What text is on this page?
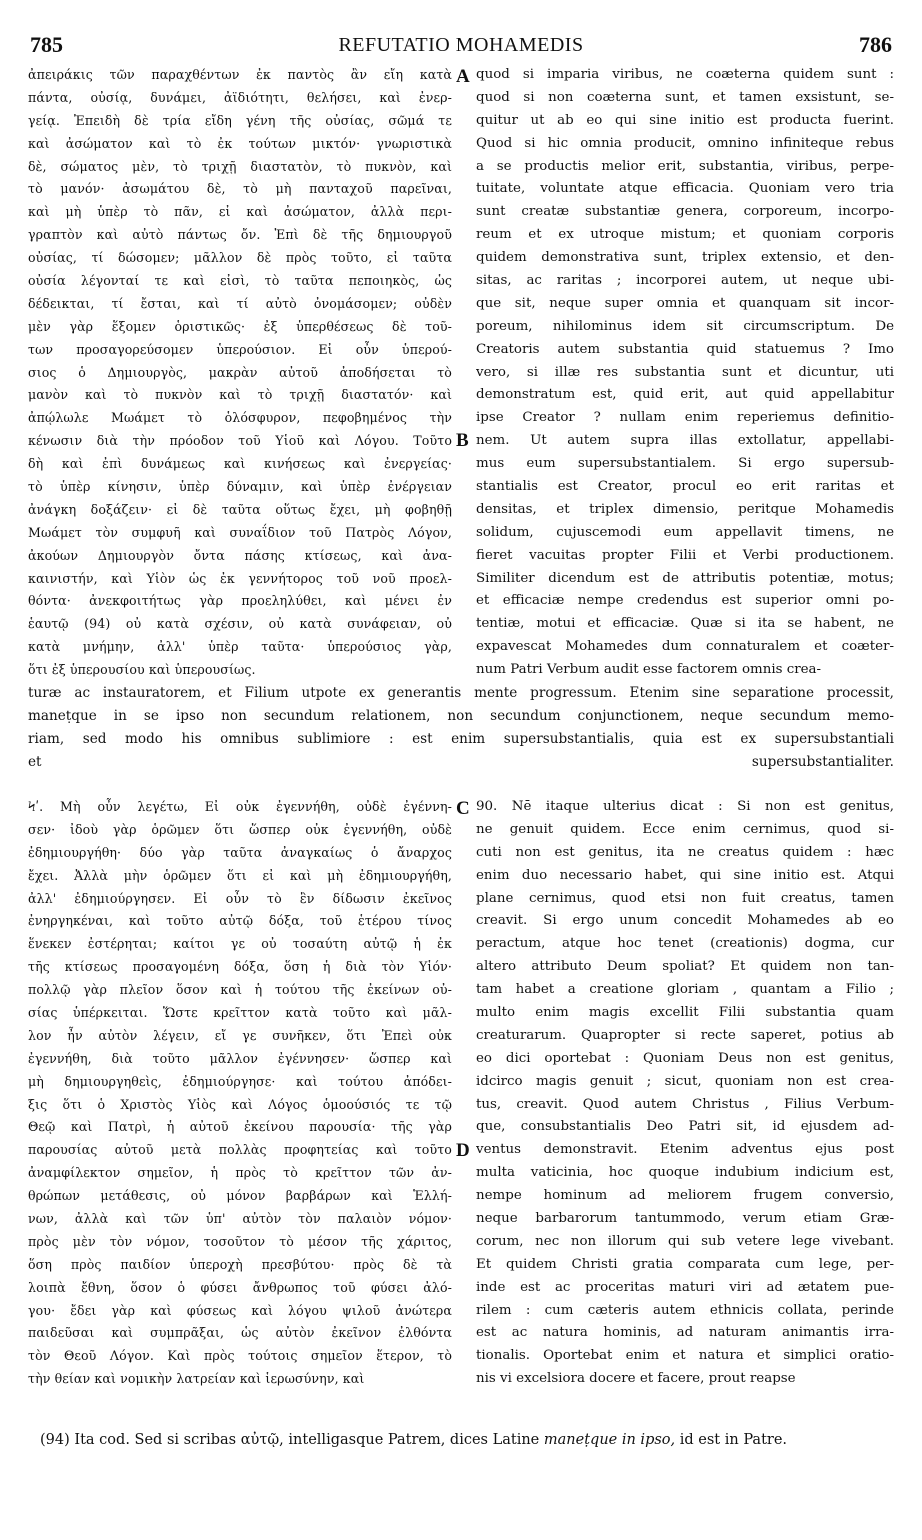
785	REFUTATIO MOHAMEDIS	786
ἀπειράκις τῶν παραχθέντων ἐκ παντὸς ἂν εἴη κατὰ
πάντα, οὐσίᾳ, δυνάμει, ἀϊδιότητι, θελήσει, καὶ ἐνερ-
γείᾳ. Ἐπειδὴ δὲ τρία εἴδη γένη τῆς οὐσίας, σῶμά τε
καὶ ἀσώματον καὶ τὸ ἐκ τούτων μικτόν· γνωριστικὰ
δὲ, σώματος μὲν, τὸ τριχῇ διαστατὸν, τὸ πυκνὸν, καὶ
τὸ μανόν· ἀσωμάτου δὲ, τὸ μὴ πανταχοῦ παρεῖναι,
καὶ μὴ ὑπὲρ τὸ πᾶν, εἰ καὶ ἀσώματον, ἀλλὰ περι-
γραπτὸν καὶ αὐτὸ πάντως ὄν. Ἐπὶ δὲ τῆς δημιουργοῦ
οὐσίας, τί δώσομεν; μᾶλλον δὲ πρὸς τοῦτο, εἰ ταῦτα
οὐσία λέγονταί τε καὶ εἰσὶ, τὸ ταῦτα πεποιηκὸς, ὡς
δέδεικται, τί ἔσται, καὶ τί αὐτὸ ὀνομάσομεν; οὐδὲν
μὲν γὰρ ἕξομεν ὁριστικῶς· ἐξ ὑπερθέσεως δὲ τοῦ-
των προσαγορεύσομεν ὑπερούσιον. Εἰ οὖν ὑπερού-
σιος ὁ Δημιουργὸς, μακρὰν αὐτοῦ ἀποδήσεται τὸ
μανὸν καὶ τὸ πυκνὸν καὶ τὸ τριχῇ διαστατόν· καὶ
ἀπῴλωλε Μωάμετ τὸ ὁλόσφυρον, πεφοβημένος τὴν
κένωσιν διὰ τὴν πρόοδον τοῦ Υἱοῦ καὶ Λόγου. Τοῦτο
δὴ καὶ ἐπὶ δυνάμεως καὶ κινήσεως καὶ ἐνεργείας·
τὸ ὑπὲρ κίνησιν, ὑπὲρ δύναμιν, καὶ ὑπὲρ ἐνέργειαν
ἀνάγκη δοξάζειν· εἰ δὲ ταῦτα οὕτως ἔχει, μὴ φοβηθῇ
Μωάμετ τὸν συμφυῆ καὶ συναΐδιον τοῦ Πατρὸς Λόγον,
ἀκούων Δημιουργὸν ὄντα πάσης κτίσεως, καὶ ἀνα-
καινιστήν, καὶ Υἱὸν ὡς ἐκ γεννήτορος τοῦ νοῦ προελ-
θόντα· ἀνεκφοιτήτως γὰρ προεληλύθει, καὶ μένει ἐν
ἑαυτῷ (94) οὐ κατὰ σχέσιν, οὐ κατὰ συνάφειαν, οὐ
κατὰ μνήμην, ἀλλ' ὑπὲρ ταῦτα· ὑπερούσιος γὰρ,
ὅτι ἐξ ὑπερουσίου καὶ ὑπερουσίως.
quod si imparia viribus, ne coæterna quidem sunt :
quod si non coæterna sunt, et tamen exsistunt, se-
quitur ut ab eo qui sine initio est producta fuerint.
Quod si hic omnia producit, omnino infiniteque rebus
a se productis melior erit, substantia, viribus, perpe-
tuitate, voluntate atque efficacia. Quoniam vero tria
sunt creatæ substantiæ genera, corporeum, incorpo-
reum et ex utroque mistum; et quoniam corporis
quidem demonstrativa sunt, triplex extensio, et den-
sitas, ac raritas ; incorporei autem, ut neque ubi-
que sit, neque super omnia et quanquam sit incor-
poreum, nihilominus idem sit circumscriptum. De
Creatoris autem substantia quid statuemus ? Imo
vero, si illæ res substantia sunt et dicuntur, uti
demonstratum est, quid erit, aut quid appellabitur
ipse Creator ? nullam enim reperiemus definitio-
nem. Ut autem supra illas extollatur, appellabi-
mus eum supersubstantialem. Si ergo supersub-
stantialis est Creator, procul eo erit raritas et
densitas, et triplex dimensio, peritque Mohamedis
solidum, cujuscemodi eum appellavit timens, ne
fieret vacuitas propter Filii et Verbi productionem.
Similiter dicendum est de attributis potentiæ, motus;
et efficaciæ nempe credendus est superior omni po-
tentiæ, motui et efficaciæ. Quæ si ita se habent, ne
expavescat Mohamedes dum connaturalem et coæter-
num Patri Verbum audit esse factorem omnis crea-
turæ ac instauratorem, et Filium utpote ex generantis mente progressum. Etenim sine separatione processit,
maneṭque in se ipso non secundum relationem, non secundum conjunctionem, neque secundum memo-
riam, sed modo his omnibus sublimiore : est enim supersubstantialis, quia est ex supersubstantiali
et supersubstantialiter.
Ϟʹ. Μὴ οὖν λεγέτω, Εἰ οὐκ ἐγεννήθη, οὐδὲ ἐγέννη-
σεν· ἰδοὺ γὰρ ὁρῶμεν ὅτι ὥσπερ οὐκ ἐγεννήθη, οὐδὲ
ἐδημιουργήθη· δύο γὰρ ταῦτα ἀναγκαίως ὁ ἄναρχος
ἔχει. Ἀλλὰ μὴν ὁρῶμεν ὅτι εἰ καὶ μὴ ἐδημιουργήθη,
ἀλλ' ἐδημιούργησεν. Εἰ οὖν τὸ ἓν δίδωσιν ἐκεῖνος
ἐνηργηκέναι, καὶ τοῦτο αὐτῷ δόξα, τοῦ ἑτέρου τίνος
ἕνεκεν ἐστέρηται; καίτοι γε οὐ τοσαύτη αὐτῷ ἡ ἐκ
τῆς κτίσεως προσαγομένη δόξα, ὅση ἡ διὰ τὸν Υἱόν·
πολλῷ γὰρ πλεῖον ὅσον καὶ ἡ τούτου τῆς ἐκείνων οὐ-
σίας ὑπέρκειται. Ὥστε κρεῖττον κατὰ τοῦτο καὶ μᾶλ-
λον ἦν αὐτὸν λέγειν, εἴ γε συνῆκεν, ὅτι Ἐπεὶ οὐκ
ἐγεννήθη, διὰ τοῦτο μᾶλλον ἐγέννησεν· ὥσπερ καὶ
μὴ δημιουργηθεὶς, ἐδημιούργησε· καὶ τούτου ἀπόδει-
ξις ὅτι ὁ Χριστὸς Υἱὸς καὶ Λόγος ὁμοούσιός τε τῷ
Θεῷ καὶ Πατρὶ, ἡ αὐτοῦ ἐκείνου παρουσία· τῆς γὰρ
παρουσίας αὐτοῦ μετὰ πολλὰς προφητείας καὶ τοῦτο
ἀναμφίλεκτον σημεῖον, ἡ πρὸς τὸ κρεῖττον τῶν ἀν-
θρώπων μετάθεσις, οὐ μόνον βαρβάρων καὶ Ἑλλή-
νων, ἀλλὰ καὶ τῶν ὑπ' αὐτὸν τὸν παλαιὸν νόμον·
πρὸς μὲν τὸν νόμον, τοσοῦτον τὸ μέσον τῆς χάριτος,
ὅση πρὸς παιδίον ὑπεροχὴ πρεσβύτου· πρὸς δὲ τὰ
λοιπὰ ἔθνη, ὅσον ὁ φύσει ἄνθρωπος τοῦ φύσει ἀλό-
γου· ἔδει γὰρ καὶ φύσεως καὶ λόγου ψιλοῦ ἀνώτερα
παιδεῦσαι καὶ συμπρᾶξαι, ὡς αὐτὸν ἐκεῖνον ἐλθόντα
τὸν Θεοῦ Λόγον. Καὶ πρὸς τούτοις σημεῖον ἕτερον, τὸ
τὴν θείαν καὶ νομικὴν λατρείαν καὶ ἱερωσύνην, καὶ
90. Nē itaque ulterius dicat : Si non est genitus,
ne genuit quidem. Ecce enim cernimus, quod si-
cuti non est genitus, ita ne creatus quidem : hæc
enim duo necessario habet, qui sine initio est. Atqui
plane cernimus, quod etsi non fuit creatus, tamen
creavit. Si ergo unum concedit Mohamedes ab eo
peractum, atque hoc tenet (creationis) dogma, cur
altero attributo Deum spoliat? Et quidem non tan-
tam habet a creatione gloriam , quantam a Filio ;
multo enim magis excellit Filii substantia quam
creaturarum. Quapropter si recte saperet, potius ab
eo dici oportebat : Quoniam Deus non est genitus,
idcirco magis genuit ; sicut, quoniam non est crea-
tus, creavit. Quod autem Christus , Filius Verbum-
que, consubstantialis Deo Patri sit, id ejusdem ad-
ventus demonstravit. Etenim adventus ejus post
multa vaticinia, hoc quoque indubium indicium est,
nempe hominum ad meliorem frugem conversio,
neque barbarorum tantummodo, verum etiam Græ-
corum, nec non illorum qui sub vetere lege vivebant.
Et quidem Christi gratia comparata cum lege, per-
inde est ac proceritas maturi viri ad ætatem pue-
rilem : cum cæteris autem ethnicis collata, perinde
est ac natura hominis, ad naturam animantis irra-
tionalis. Oportebat enim et natura et simplici oratio-
nis vi excelsiora docere et facere, prout reapse
A
B
C
D
(94) Ita cod. Sed si scribas αὐτῷ, intelligasque Patrem, dices Latine maneṭque in ipso, id est in Patre.
